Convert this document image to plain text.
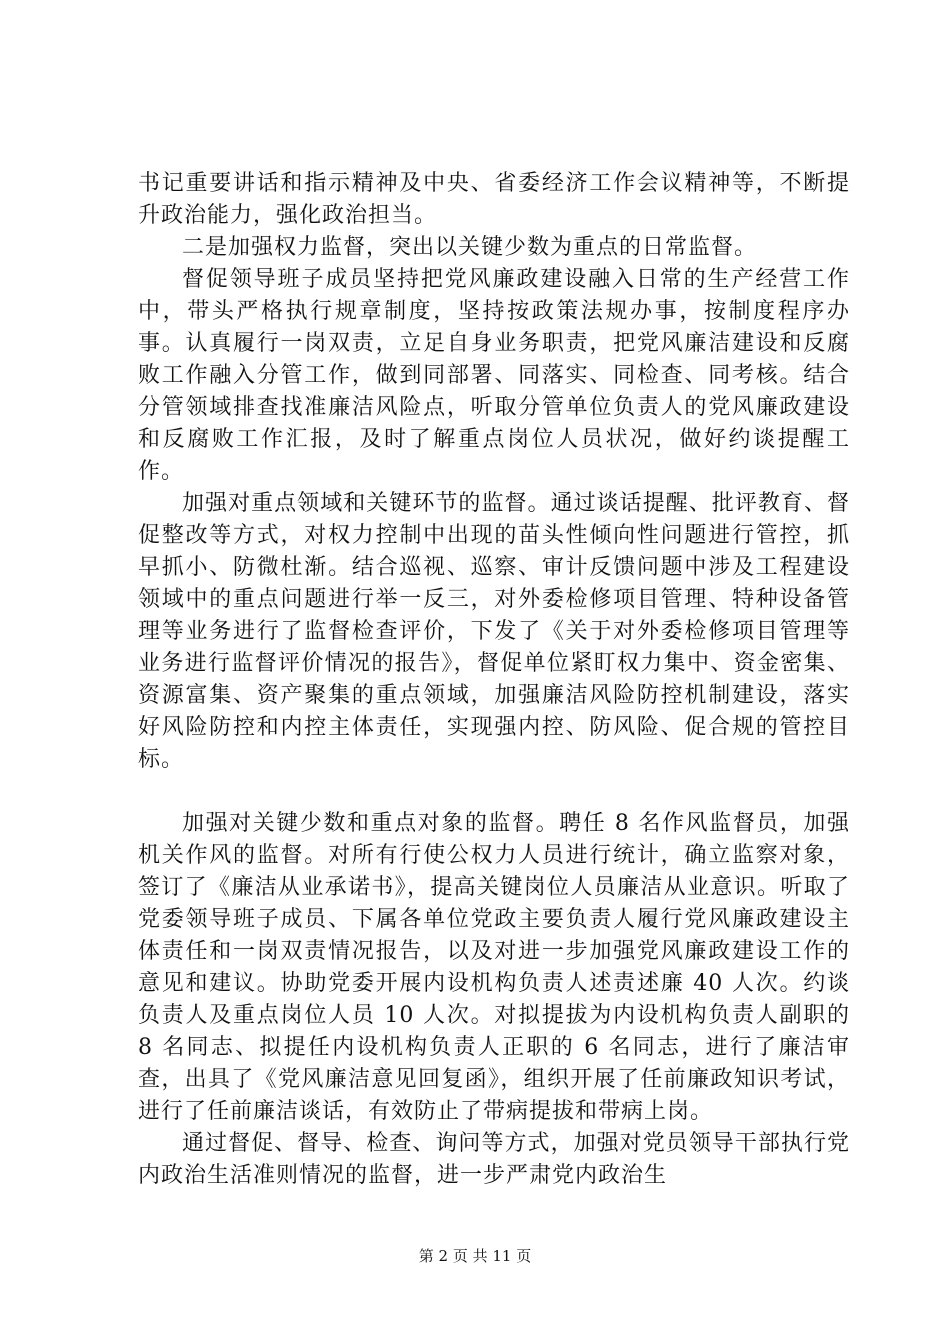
书记重要讲话和指示精神及中央、省委经济工作会议精神等，不断提升政治能力，强化政治担当。

二是加强权力监督，突出以关键少数为重点的日常监督。

督促领导班子成员坚持把党风廉政建设融入日常的生产经营工作中，带头严格执行规章制度，坚持按政策法规办事，按制度程序办事。认真履行一岗双责，立足自身业务职责，把党风廉洁建设和反腐败工作融入分管工作，做到同部署、同落实、同检查、同考核。结合分管领域排查找准廉洁风险点，听取分管单位负责人的党风廉政建设和反腐败工作汇报，及时了解重点岗位人员状况，做好约谈提醒工作。

加强对重点领域和关键环节的监督。通过谈话提醒、批评教育、督促整改等方式，对权力控制中出现的苗头性倾向性问题进行管控，抓早抓小、防微杜渐。结合巡视、巡察、审计反馈问题中涉及工程建设领域中的重点问题进行举一反三，对外委检修项目管理、特种设备管理等业务进行了监督检查评价，下发了《关于对外委检修项目管理等业务进行监督评价情况的报告》，督促单位紧盯权力集中、资金密集、资源富集、资产聚集的重点领域，加强廉洁风险防控机制建设，落实好风险防控和内控主体责任，实现强内控、防风险、促合规的管控目标。

加强对关键少数和重点对象的监督。聘任 8 名作风监督员，加强机关作风的监督。对所有行使公权力人员进行统计，确立监察对象，签订了《廉洁从业承诺书》，提高关键岗位人员廉洁从业意识。听取了党委领导班子成员、下属各单位党政主要负责人履行党风廉政建设主体责任和一岗双责情况报告，以及对进一步加强党风廉政建设工作的意见和建议。协助党委开展内设机构负责人述责述廉 40 人次。约谈负责人及重点岗位人员 10 人次。对拟提拔为内设机构负责人副职的 8 名同志、拟提任内设机构负责人正职的 6 名同志，进行了廉洁审查，出具了《党风廉洁意见回复函》，组织开展了任前廉政知识考试，进行了任前廉洁谈话，有效防止了带病提拔和带病上岗。

通过督促、督导、检查、询问等方式，加强对党员领导干部执行党内政治生活准则情况的监督，进一步严肃党内政治生

第 2 页 共 11 页
